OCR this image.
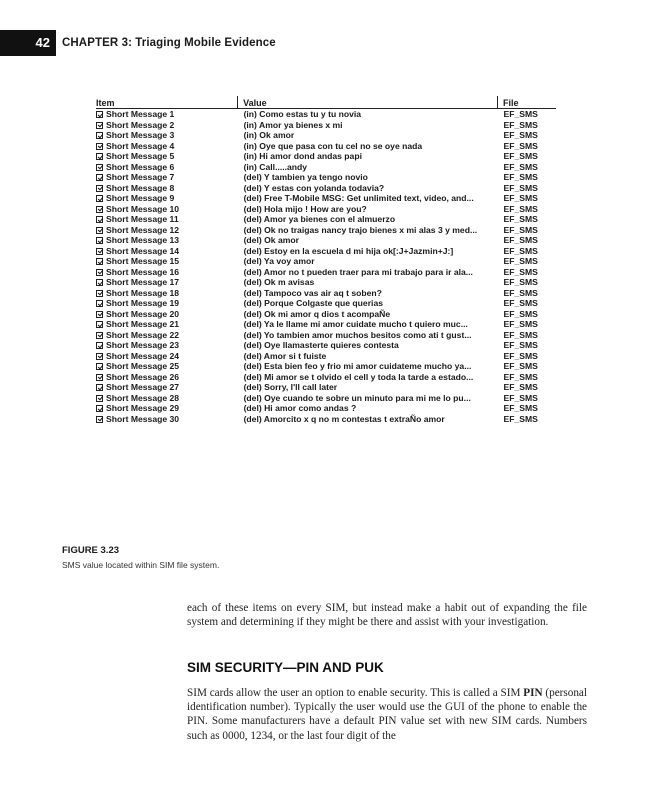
42	CHAPTER 3: Triaging Mobile Evidence
Item	Value	File
Short Message 1	(in) Como estas tu y tu novia	EF_SMS
Short Message 2	(in) Amor ya bienes x mi	EF_SMS
Short Message 3	(in) Ok amor	EF_SMS
Short Message 4	(in) Oye que pasa con tu cel no se oye nada	EF_SMS
Short Message 5	(in) Hi amor dond andas papi	EF_SMS
Short Message 6	(in) Call.....andy	EF_SMS
Short Message 7	(del) Y tambien ya tengo novio	EF_SMS
Short Message 8	(del) Y estas con yolanda todavia?	EF_SMS
Short Message 9	(del) Free T-Mobile MSG: Get unlimited text, video, and...	EF_SMS
Short Message 10	(del) Hola mijo ! How are you?	EF_SMS
Short Message 11	(del) Amor ya bienes con el almuerzo	EF_SMS
Short Message 12	(del) Ok no traigas nancy trajo bienes x mi alas 3 y med...	EF_SMS
Short Message 13	(del) Ok amor	EF_SMS
Short Message 14	(del) Estoy en la escuela d mi hija ok[:J+Jazmin+J:]	EF_SMS
Short Message 15	(del) Ya voy amor	EF_SMS
Short Message 16	(del) Amor no t pueden traer para mi trabajo para ir ala...	EF_SMS
Short Message 17	(del) Ok m avisas	EF_SMS
Short Message 18	(del) Tampoco vas air aq t soben?	EF_SMS
Short Message 19	(del) Porque Colgaste que querias	EF_SMS
Short Message 20	(del) Ok mi amor q dios t acompaÑe	EF_SMS
Short Message 21	(del) Ya le llame mi amor cuidate mucho t quiero muc...	EF_SMS
Short Message 22	(del) Yo tambien amor muchos besitos como ati t gust...	EF_SMS
Short Message 23	(del) Oye llamasterte quieres contesta	EF_SMS
Short Message 24	(del) Amor si t fuiste	EF_SMS
Short Message 25	(del) Esta bien feo y frio mi amor cuidateme mucho ya...	EF_SMS
Short Message 26	(del) Mi amor se t olvido el cell y toda la tarde a estado...	EF_SMS
Short Message 27	(del) Sorry, I'll call later	EF_SMS
Short Message 28	(del) Oye cuando te sobre un minuto para mi me lo pu...	EF_SMS
Short Message 29	(del) Hi amor como andas ?	EF_SMS
Short Message 30	(del) Amorcito x q no m contestas t extraÑo amor	EF_SMS
FIGURE 3.23
SMS value located within SIM file system.

each of these items on every SIM, but instead make a habit out of expanding the file system and determining if they might be there and assist with your investigation.

SIM SECURITY—PIN AND PUK

SIM cards allow the user an option to enable security. This is called a SIM PIN (personal identification number). Typically the user would use the GUI of the phone to enable the PIN. Some manufacturers have a default PIN value set with new SIM cards. Numbers such as 0000, 1234, or the last four digit of the
